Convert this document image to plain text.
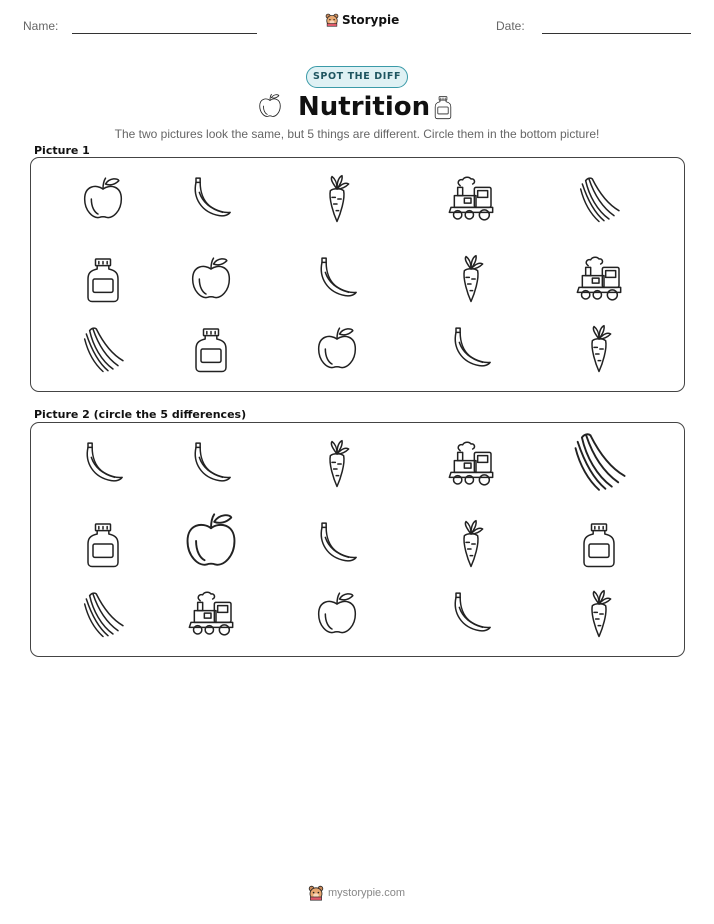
Name:	Storypie	Date:
SPOT THE DIFF
Nutrition
The two pictures look the same, but 5 things are different. Circle them in the bottom picture!
Picture 1
Picture 2 (circle the 5 differences)
mystorypie.com
